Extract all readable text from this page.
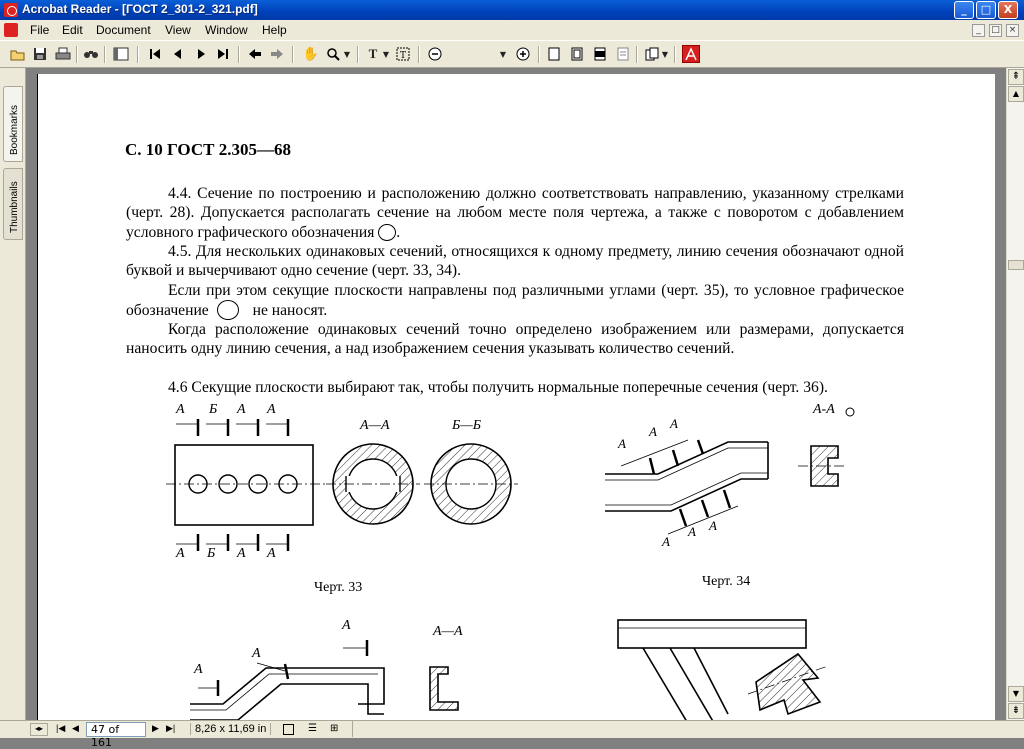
Acrobat Reader - [ГОСТ 2_301-2_321.pdf]	_	□	X
File Edit Document View Window Help	_	□ ×
✋	▼	T ▼ T	▼	▼
Bookmarks
Thumbnails
С. 10 ГОСТ 2.305—68
4.4. Сечение по построению и расположению должно соответствовать направлению, указанному стрелками (черт. 28). Допускается располагать сечение на любом месте поля чертежа, а также с поворотом с добавлением условного графического обозначения .
4.5. Для нескольких одинаковых сечений, относящихся к одному предмету, линию сечения обозначают одной буквой и вычерчивают одно сечение (черт. 33, 34).
Если при этом секущие плоскости направлены под различными углами (черт. 35), то условное графическое обозначение	не наносят.
Когда расположение одинаковых сечений точно определено изображением или размерами, допускается наносить одну линию сечения, а над изображением сечения указывать количество сечений.
4.6 Секущие плоскости выбирают так, чтобы получить нормальные поперечные сечения (черт. 36).
А Б А А
А Б А А
А—А	Б—Б
Черт. 33
А-А
А
А
А
А
А А
Черт. 34
А—А
А
А
А
⇞
▲
▼
⇟
◂▸	|◀ ◀	47 of 161
▶ ▶|	8,26 x 11,69 in	☰ ⊞
